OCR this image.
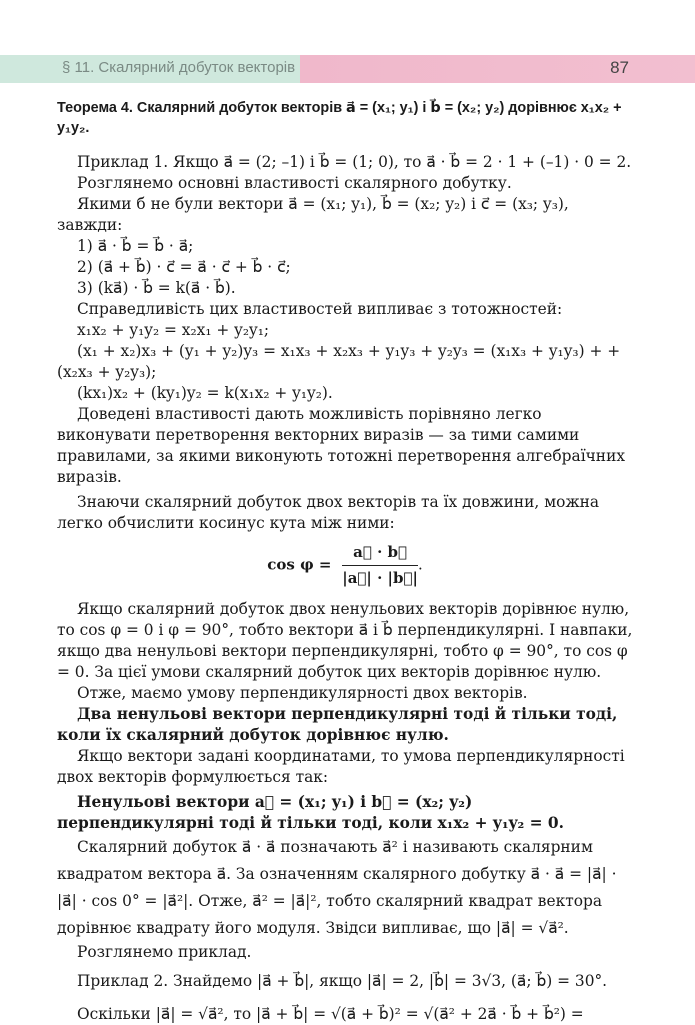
§ 11. Скалярний добуток векторів	87

Теорема 4. Скалярний добуток векторів a⃗ = (x₁; y₁) і b⃗ = (x₂; y₂) дорівнює x₁x₂ + y₁y₂.

Приклад 1. Якщо a⃗ = (2; –1) і b⃗ = (1; 0), то a⃗ · b⃗ = 2 · 1 + (–1) · 0 = 2.

Розглянемо основні властивості скалярного добутку.

Якими б не були вектори a⃗ = (x₁; y₁), b⃗ = (x₂; y₂) і c⃗ = (x₃; y₃), завжди:

1) a⃗ · b⃗ = b⃗ · a⃗;

2) (a⃗ + b⃗) · c⃗ = a⃗ · c⃗ + b⃗ · c⃗;

3) (ka⃗) · b⃗ = k(a⃗ · b⃗).

Справедливість цих властивостей випливає з тотожностей:

x₁x₂ + y₁y₂ = x₂x₁ + y₂y₁;

(x₁ + x₂)x₃ + (y₁ + y₂)y₃ = x₁x₃ + x₂x₃ + y₁y₃ + y₂y₃ = (x₁x₃ + y₁y₃) + + (x₂x₃ + y₂y₃);

(kx₁)x₂ + (ky₁)y₂ = k(x₁x₂ + y₁y₂).

Доведені властивості дають можливість порівняно легко виконувати перетворення векторних виразів — за тими самими правилами, за якими виконують тотожні перетворення алгебраїчних виразів.

Знаючи скалярний добуток двох векторів та їх довжини, можна легко обчислити косинус кута між ними:

$\cos \varphi = \frac{a⃗ \cdot b⃗}{|a⃗| \cdot |b⃗|}$ .

Якщо скалярний добуток двох ненульових векторів дорівнює нулю, то cos φ = 0 і φ = 90°, тобто вектори a⃗ і b⃗ перпендикулярні. І навпаки, якщо два ненульові вектори перпендикулярні, тобто φ = 90°, то cos φ = 0. За цієї умови скалярний добуток цих векторів дорівнює нулю.

Отже, маємо умову перпендикулярності двох векторів.

Два ненульові вектори перпендикулярні тоді й тільки тоді, коли їх скалярний добуток дорівнює нулю.

Якщо вектори задані координатами, то умова перпендикулярності двох векторів формулюється так:

Ненульові вектори a⃗ = (x₁; y₁) і b⃗ = (x₂; y₂) перпендикулярні тоді й тільки тоді, коли x₁x₂ + y₁y₂ = 0.

Скалярний добуток a⃗ · a⃗ позначають a⃗² і називають скалярним квадратом вектора a⃗. За означенням скалярного добутку a⃗ · a⃗ = |a⃗| · |a⃗| · cos 0° = |a⃗²|. Отже, a⃗² = |a⃗|², тобто скалярний квадрат вектора дорівнює квадрату його модуля. Звідси випливає, що |a⃗| = √a⃗².

Розглянемо приклад.

Приклад 2. Знайдемо |a⃗ + b⃗|, якщо |a⃗| = 2, |b⃗| = 3√3, (a⃗; b⃗) = 30°.

Оскільки |a⃗| = √a⃗², то |a⃗ + b⃗| = √(a⃗ + b⃗)² = √(a⃗² + 2a⃗ · b⃗ + b⃗²) =
